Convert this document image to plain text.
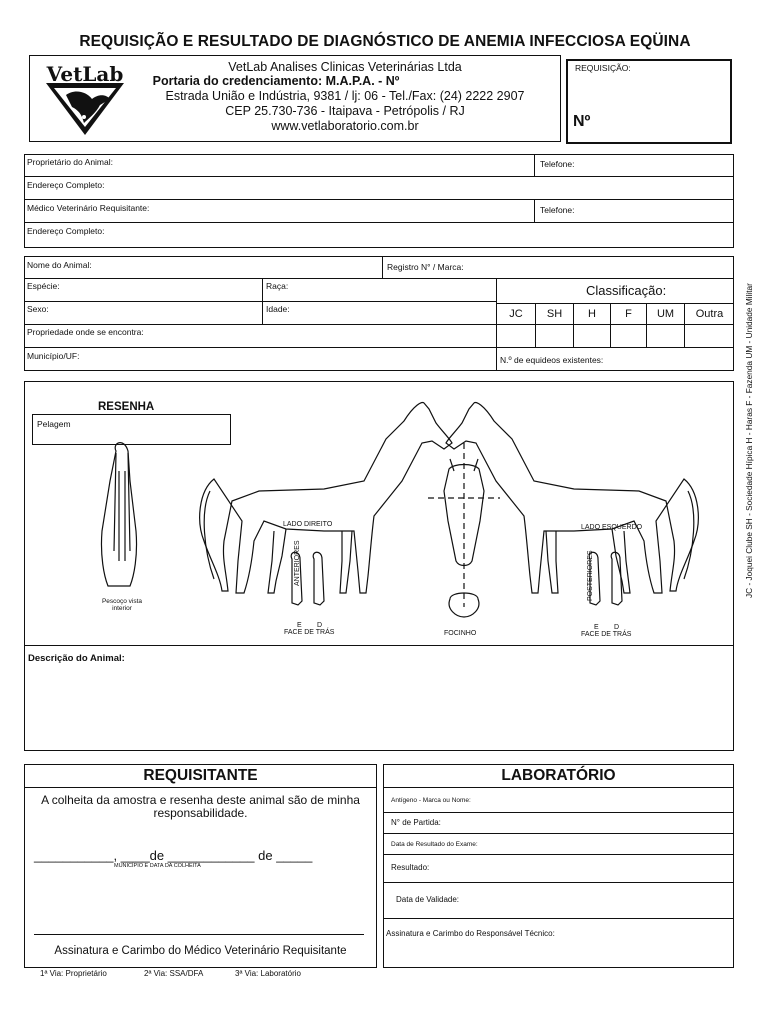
REQUISIÇÃO E RESULTADO DE DIAGNÓSTICO DE ANEMIA INFECCIOSA EQÜINA
VetLab	VetLab Analises Clinicas Veterinárias Ltda
Portaria do credenciamento: M.A.P.A. - Nº
Estrada União e Indústria, 9381 / lj: 06 - Tel./Fax: (24) 2222 2907
CEP 25.730-736 - Itaipava - Petrópolis / RJ
www.vetlaboratorio.com.br
REQUISIÇÃO:
Nº
Proprietário do Animal:	Telefone:
Endereço Completo:
Médico Veterinário Requisitante:	Telefone:
Endereço Completo:
Nome do Animal:	Registro N° / Marca:
Espécie:	Raça:
Sexo:	Idade:
Propriedade onde se encontra:
Município/UF:	N.º de equideos existentes:
Classificação:
JC	SH	H	F	UM	Outra	JC - Joquei Clube SH - Sociedade Hípica H - Haras F - Fazenda UM - Unidade Militar
RESENHA
Pelagem
Pescoço vista interior
LADO DIREITO	LADO ESQUERDO
ANTERIORES	POSTERIORES
E D
FACE DE TRÁS
E D
FACE DE TRÁS
FOCINHO
Descrição do Animal:
REQUISITANTE
A colheita da amostra e resenha deste animal são de minha responsabilidade.
___________, ____de ____________ de _____
MUNICÍPIO E DATA DA COLHEITA
Assinatura e Carimbo do Médico Veterinário Requisitante
LABORATÓRIO
Antígeno - Marca ou Nome:
N° de Partida:
Data de Resultado do Exame:
Resultado:
Data de Validade:
Assinatura e Carimbo do Responsável Técnico:
1ª Via: Proprietário	2ª Via: SSA/DFA	3ª Via: Laboratório
